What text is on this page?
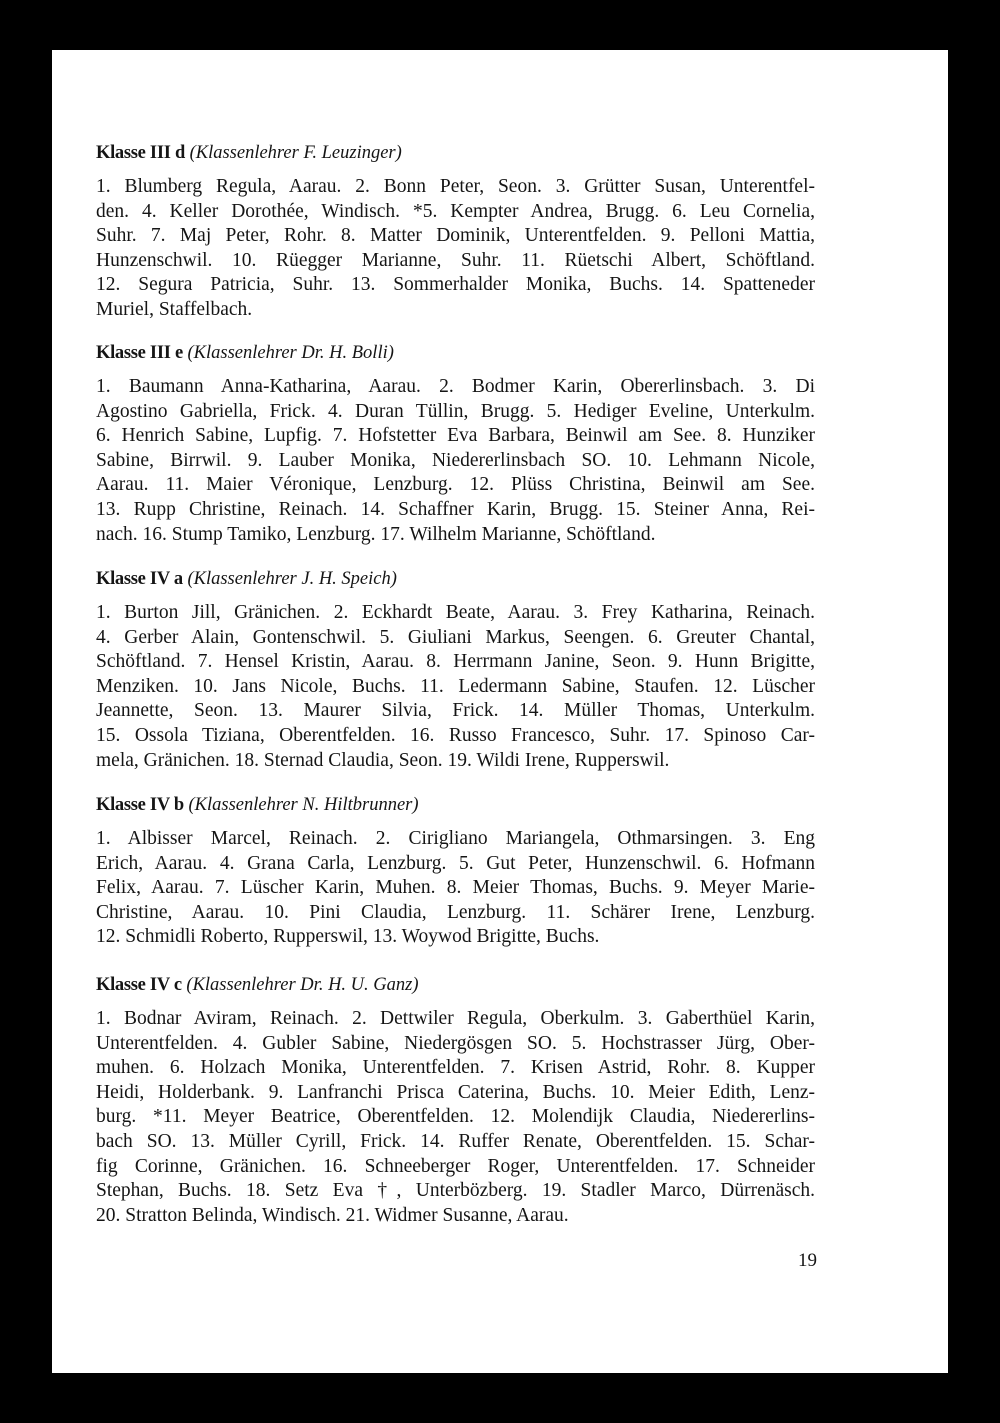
Klasse III d (Klassenlehrer F. Leuzinger)
1. Blumberg Regula, Aarau. 2. Bonn Peter, Seon. 3. Grütter Susan, Unterentfel-
den. 4. Keller Dorothée, Windisch. *5. Kempter Andrea, Brugg. 6. Leu Cornelia,
Suhr. 7. Maj Peter, Rohr. 8. Matter Dominik, Unterentfelden. 9. Pelloni Mattia,
Hunzenschwil. 10. Rüegger Marianne, Suhr. 11. Rüetschi Albert, Schöftland.
12. Segura Patricia, Suhr. 13. Sommerhalder Monika, Buchs. 14. Spatteneder
Muriel, Staffelbach.
Klasse III e (Klassenlehrer Dr. H. Bolli)
1. Baumann Anna-Katharina, Aarau. 2. Bodmer Karin, Obererlinsbach. 3. Di
Agostino Gabriella, Frick. 4. Duran Tüllin, Brugg. 5. Hediger Eveline, Unterkulm.
6. Henrich Sabine, Lupfig. 7. Hofstetter Eva Barbara, Beinwil am See. 8. Hunziker
Sabine, Birrwil. 9. Lauber Monika, Niedererlinsbach SO. 10. Lehmann Nicole,
Aarau. 11. Maier Véronique, Lenzburg. 12. Plüss Christina, Beinwil am See.
13. Rupp Christine, Reinach. 14. Schaffner Karin, Brugg. 15. Steiner Anna, Rei-
nach. 16. Stump Tamiko, Lenzburg. 17. Wilhelm Marianne, Schöftland.
Klasse IV a (Klassenlehrer J. H. Speich)
1. Burton Jill, Gränichen. 2. Eckhardt Beate, Aarau. 3. Frey Katharina, Reinach.
4. Gerber Alain, Gontenschwil. 5. Giuliani Markus, Seengen. 6. Greuter Chantal,
Schöftland. 7. Hensel Kristin, Aarau. 8. Herrmann Janine, Seon. 9. Hunn Brigitte,
Menziken. 10. Jans Nicole, Buchs. 11. Ledermann Sabine, Staufen. 12. Lüscher
Jeannette, Seon. 13. Maurer Silvia, Frick. 14. Müller Thomas, Unterkulm.
15. Ossola Tiziana, Oberentfelden. 16. Russo Francesco, Suhr. 17. Spinoso Car-
mela, Gränichen. 18. Sternad Claudia, Seon. 19. Wildi Irene, Rupperswil.
Klasse IV b (Klassenlehrer N. Hiltbrunner)
1. Albisser Marcel, Reinach. 2. Cirigliano Mariangela, Othmarsingen. 3. Eng
Erich, Aarau. 4. Grana Carla, Lenzburg. 5. Gut Peter, Hunzenschwil. 6. Hofmann
Felix, Aarau. 7. Lüscher Karin, Muhen. 8. Meier Thomas, Buchs. 9. Meyer Marie-
Christine, Aarau. 10. Pini Claudia, Lenzburg. 11. Schärer Irene, Lenzburg.
12. Schmidli Roberto, Rupperswil, 13. Woywod Brigitte, Buchs.
Klasse IV c (Klassenlehrer Dr. H. U. Ganz)
1. Bodnar Aviram, Reinach. 2. Dettwiler Regula, Oberkulm. 3. Gaberthüel Karin,
Unterentfelden. 4. Gubler Sabine, Niedergösgen SO. 5. Hochstrasser Jürg, Ober-
muhen. 6. Holzach Monika, Unterentfelden. 7. Krisen Astrid, Rohr. 8. Kupper
Heidi, Holderbank. 9. Lanfranchi Prisca Caterina, Buchs. 10. Meier Edith, Lenz-
burg. *11. Meyer Beatrice, Oberentfelden. 12. Molendijk Claudia, Niedererlins-
bach SO. 13. Müller Cyrill, Frick. 14. Ruffer Renate, Oberentfelden. 15. Schar-
fig Corinne, Gränichen. 16. Schneeberger Roger, Unterentfelden. 17. Schneider
Stephan, Buchs. 18. Setz Eva †, Unterbözberg. 19. Stadler Marco, Dürrenäsch.
20. Stratton Belinda, Windisch. 21. Widmer Susanne, Aarau.
19
